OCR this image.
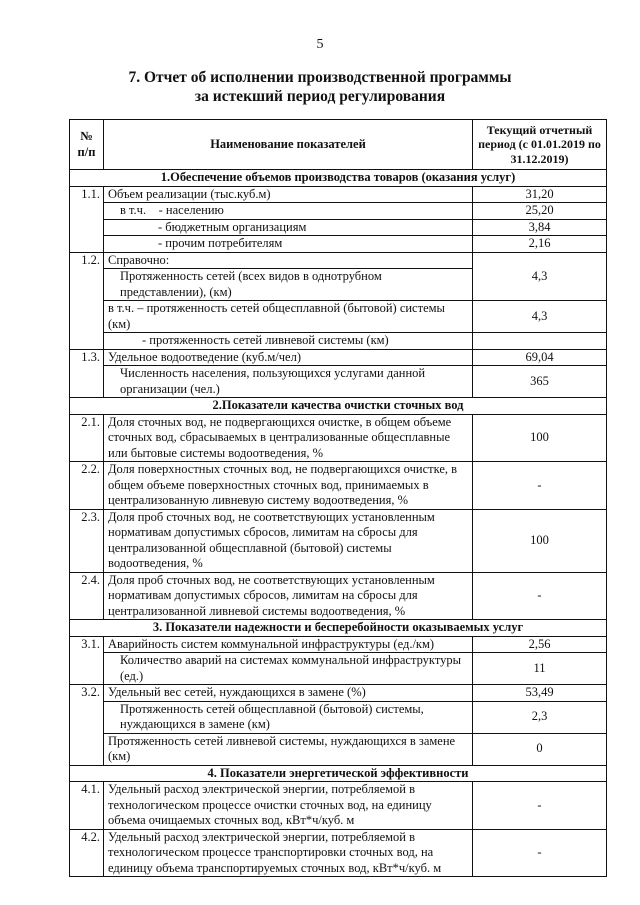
5
7. Отчет об исполнении производственной программы
за истекший период регулирования
№ п/п	Наименование показателей	Текущий отчетный период (с 01.01.2019 по 31.12.2019)
1.Обеспечение объемов производства товаров (оказания услуг)		
1.1.	Объем реализации (тыс.куб.м)	31,20
	в т.ч. - населению	25,20
	- бюджетным организациям	3,84
	- прочим потребителям	2,16
1.2.	Справочно:	4,3
	Протяженность сетей (всех видов в однотрубном представлении), (км)	
	в т.ч. – протяженность сетей общесплавной (бытовой) системы (км)	4,3
	- протяженность сетей ливневой системы (км)	
1.3.	Удельное водоотведение (куб.м/чел)	69,04
	Численность населения, пользующихся услугами данной организации (чел.)	365
2.Показатели качества очистки сточных вод		
2.1.	Доля сточных вод, не подвергающихся очистке, в общем объеме сточных вод, сбрасываемых в централизованные общесплавные или бытовые системы водоотведения, %	100
2.2.	Доля поверхностных сточных вод, не подвергающихся очистке, в общем объеме поверхностных сточных вод, принимаемых в централизованную ливневую систему водоотведения, %	-
2.3.	Доля проб сточных вод, не соответствующих установленным нормативам допустимых сбросов, лимитам на сбросы для централизованной общесплавной (бытовой) системы водоотведения, %	100
2.4.	Доля проб сточных вод, не соответствующих установленным нормативам допустимых сбросов, лимитам на сбросы для централизованной ливневой системы водоотведения, %	-
3. Показатели надежности и бесперебойности оказываемых услуг		
3.1.	Аварийность систем коммунальной инфраструктуры (ед./км)	2,56
	Количество аварий на системах коммунальной инфраструктуры (ед.)	11
3.2.	Удельный вес сетей, нуждающихся в замене (%)	53,49
	Протяженность сетей общесплавной (бытовой) системы, нуждающихся в замене (км)	2,3
	Протяженность сетей ливневой системы, нуждающихся в замене (км)	0
4. Показатели энергетической эффективности		
4.1.	Удельный расход электрической энергии, потребляемой в технологическом процессе очистки сточных вод, на единицу объема очищаемых сточных вод, кВт*ч/куб. м	-
4.2.	Удельный расход электрической энергии, потребляемой в технологическом процессе транспортировки сточных вод, на единицу объема транспортируемых сточных вод, кВт*ч/куб. м	-
